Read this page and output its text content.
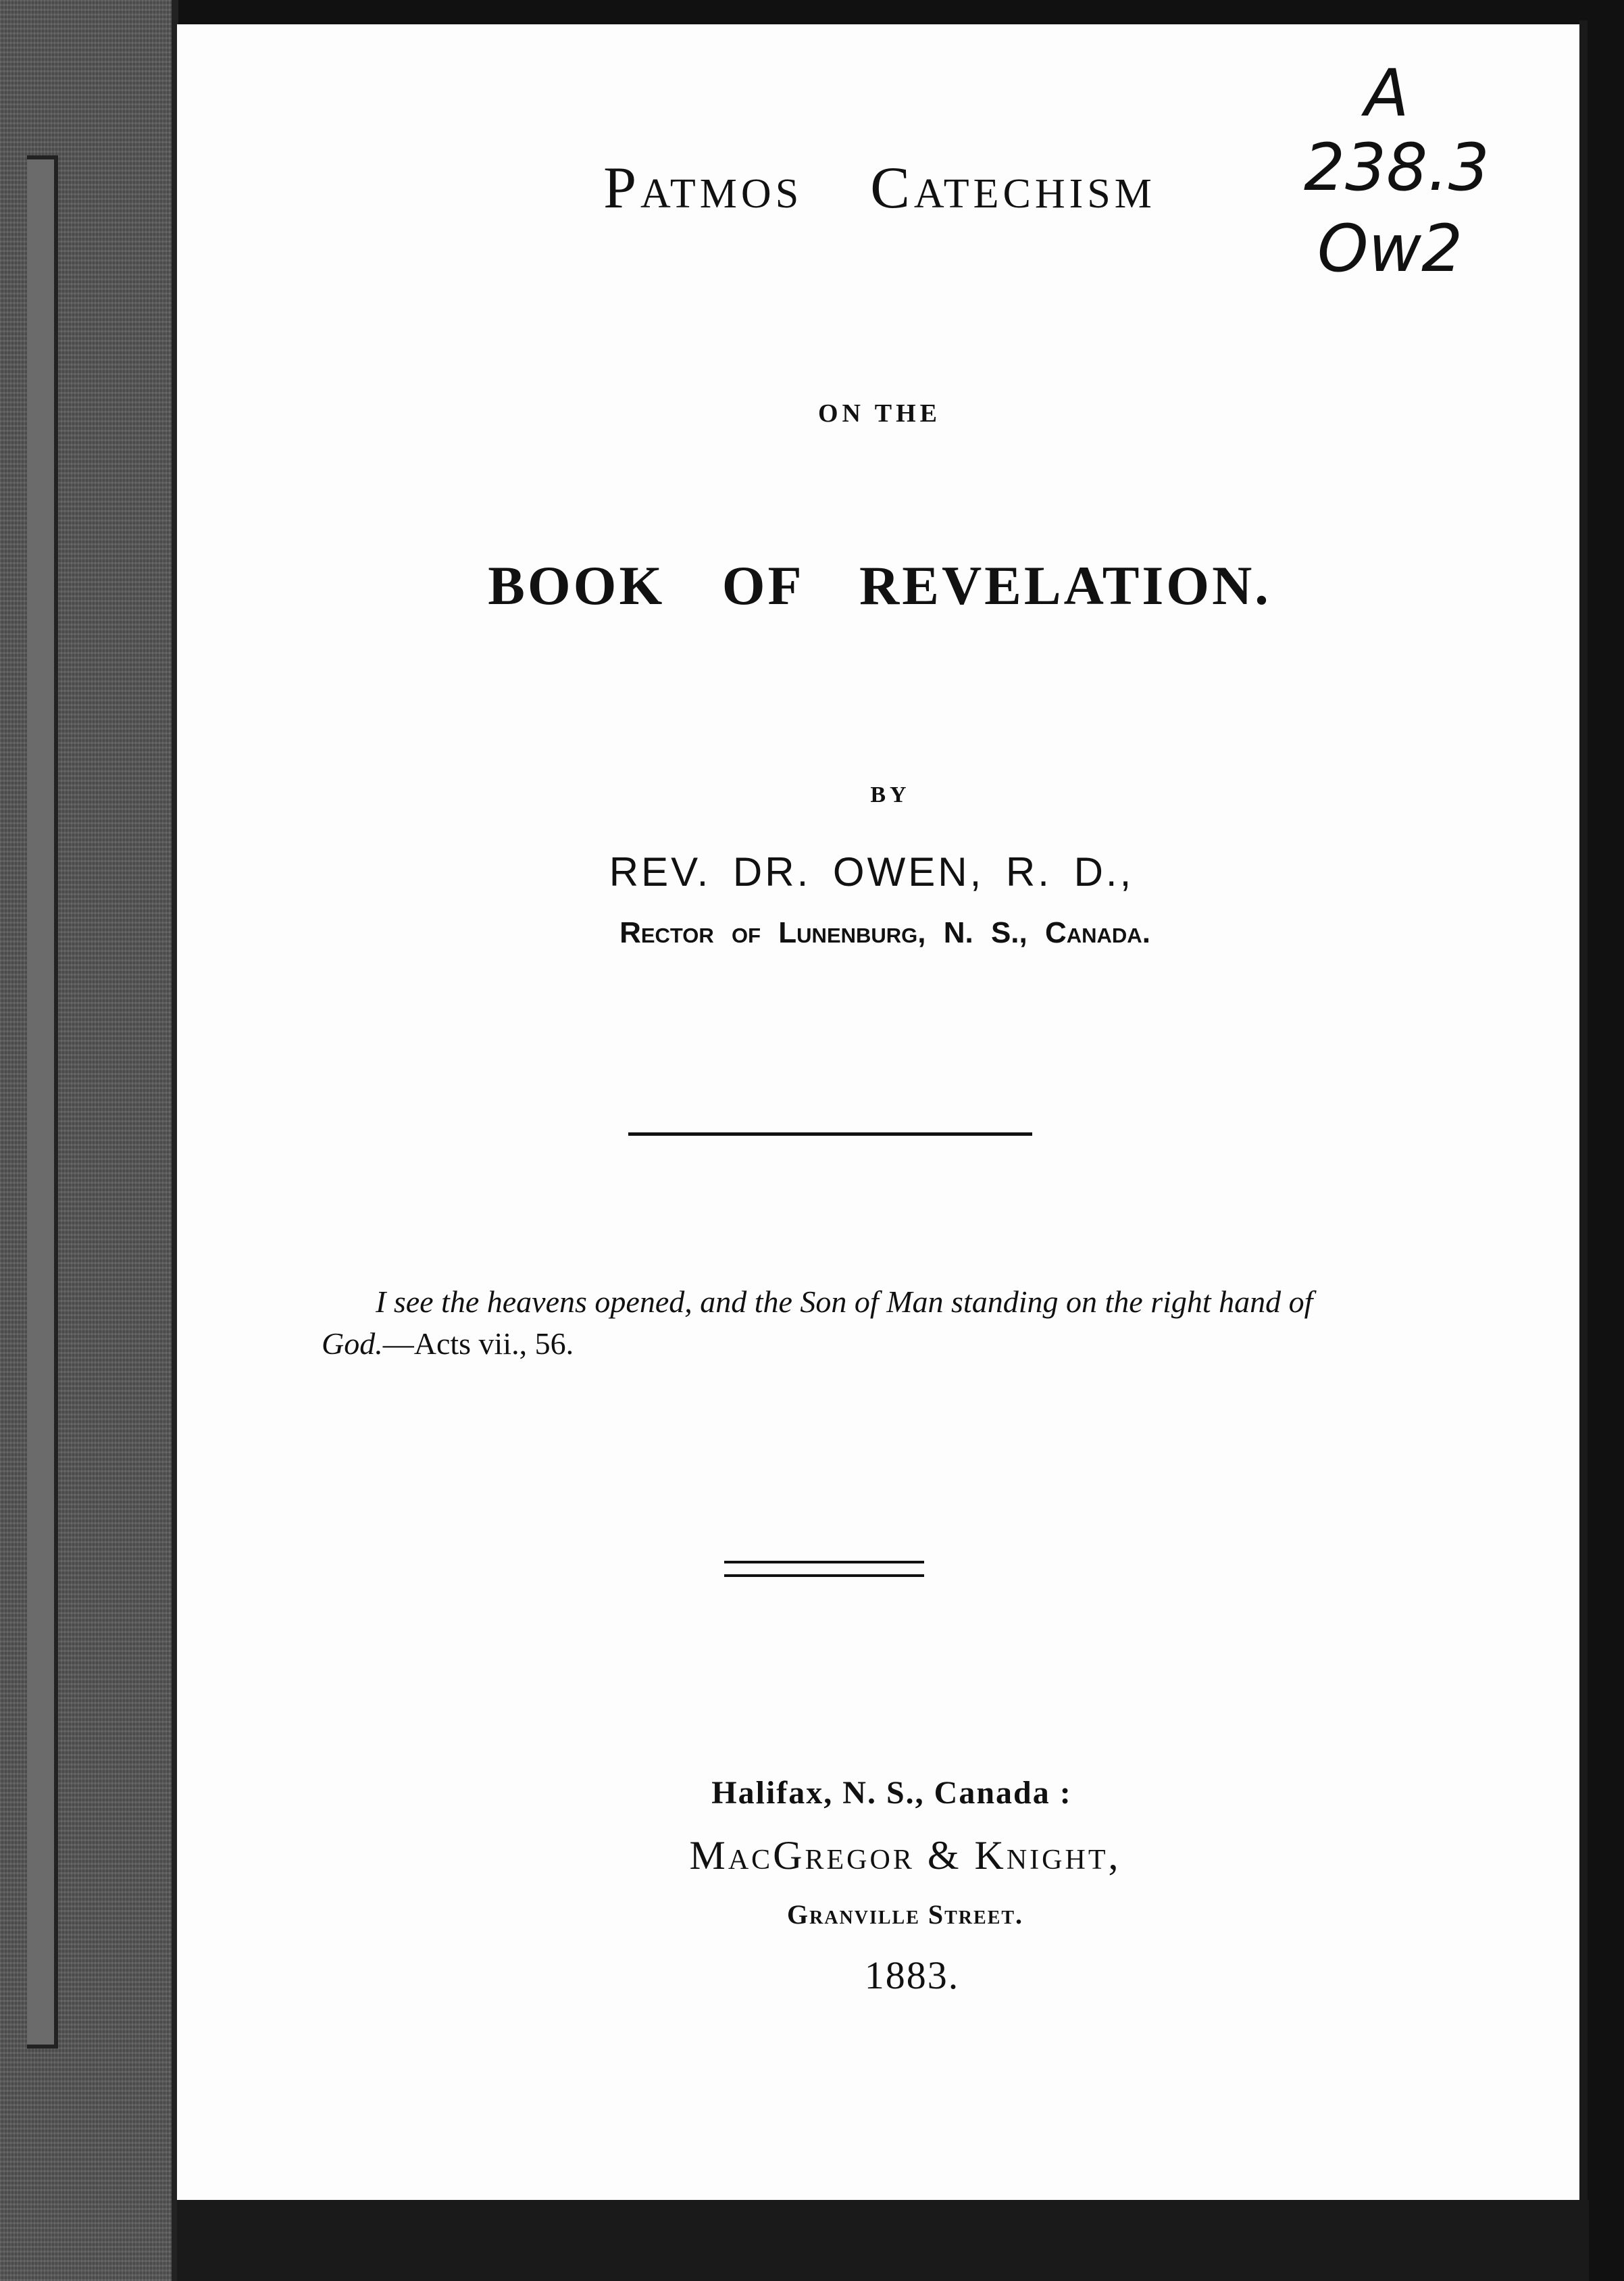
A
238.3
Ow2
Patmos Catechism
ON THE
BOOK OF REVELATION.
BY
REV. DR. OWEN, R. D.,
Rector of Lunenburg, N. S., Canada.
I see the heavens opened, and the Son of Man standing on the right hand of God.—Acts vii., 56.
Halifax, N. S., Canada :
MacGregor & Knight,
Granville Street.
1883.
